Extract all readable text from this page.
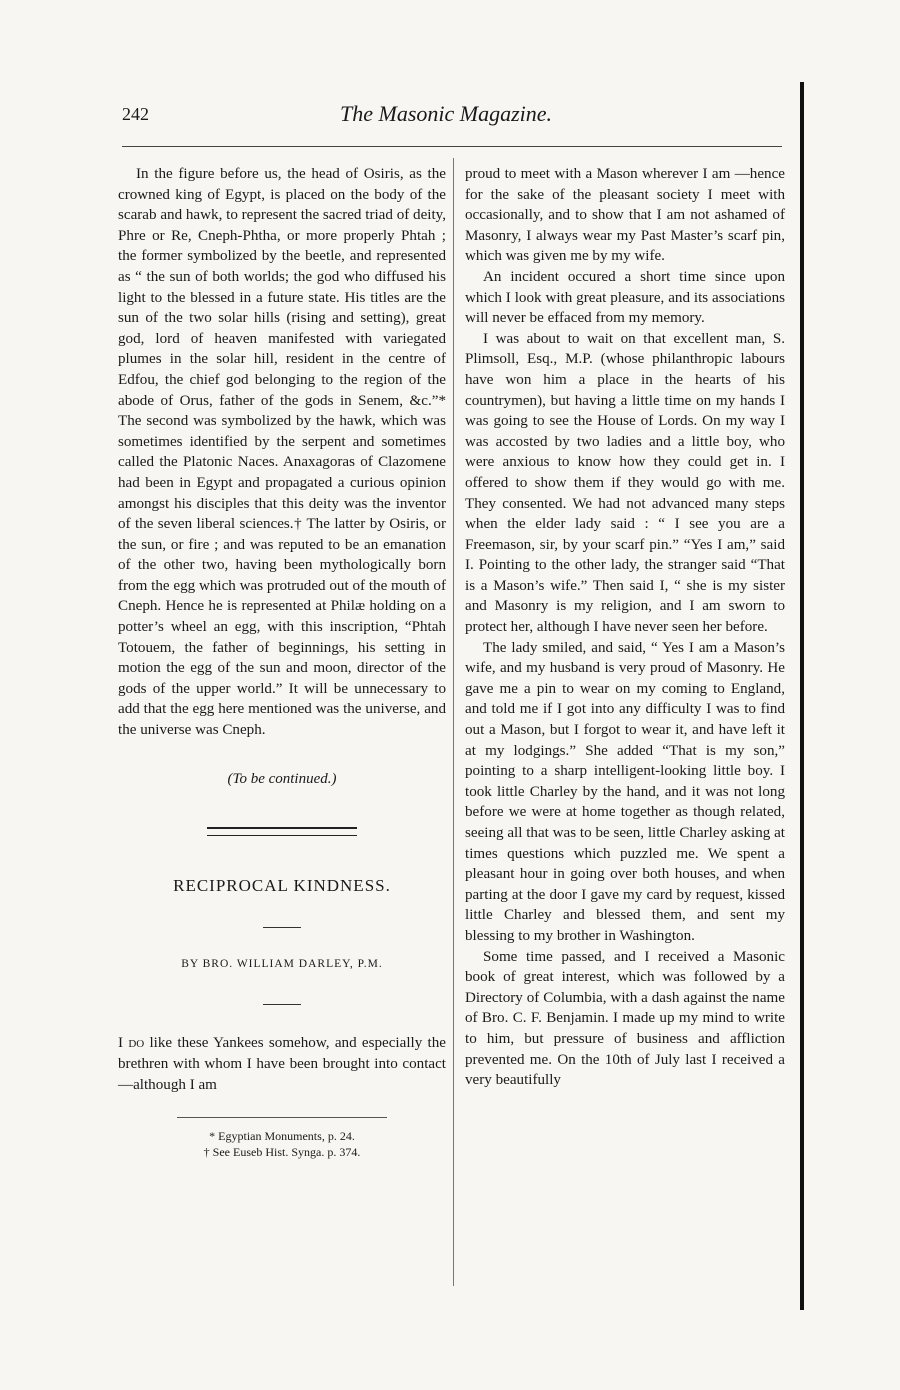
242	The Masonic Magazine.

In the figure before us, the head of Osiris, as the crowned king of Egypt, is placed on the body of the scarab and hawk, to represent the sacred triad of deity, Phre or Re, Cneph-Phtha, or more properly Phtah ; the former symbolized by the beetle, and represented as “ the sun of both worlds; the god who diffused his light to the blessed in a future state. His titles are the sun of the two solar hills (rising and setting), great god, lord of heaven manifested with variegated plumes in the solar hill, resident in the centre of Edfou, the chief god belonging to the region of the abode of Orus, father of the gods in Senem, &c.”* The second was symbolized by the hawk, which was sometimes identified by the serpent and sometimes called the Platonic Naces. Anaxagoras of Clazomene had been in Egypt and propagated a curious opinion amongst his disciples that this deity was the inventor of the seven liberal sciences.† The latter by Osiris, or the sun, or fire ; and was reputed to be an emanation of the other two, having been mythologically born from the egg which was protruded out of the mouth of Cneph. Hence he is represented at Philæ holding on a potter’s wheel an egg, with this inscription, “Phtah Totouem, the father of beginnings, his setting in motion the egg of the sun and moon, director of the gods of the upper world.” It will be unnecessary to add that the egg here mentioned was the universe, and the universe was Cneph.

(To be continued.)
RECIPROCAL KINDNESS.
BY BRO. WILLIAM DARLEY, P.M.

I do like these Yankees somehow, and especially the brethren with whom I have been brought into contact—although I am

* Egyptian Monuments, p. 24.
† See Euseb Hist. Synga. p. 374.

proud to meet with a Mason wherever I am —hence for the sake of the pleasant society I meet with occasionally, and to show that I am not ashamed of Masonry, I always wear my Past Master’s scarf pin, which was given me by my wife.

An incident occured a short time since upon which I look with great pleasure, and its associations will never be effaced from my memory.

I was about to wait on that excellent man, S. Plimsoll, Esq., M.P. (whose philanthropic labours have won him a place in the hearts of his countrymen), but having a little time on my hands I was going to see the House of Lords. On my way I was accosted by two ladies and a little boy, who were anxious to know how they could get in. I offered to show them if they would go with me. They consented. We had not advanced many steps when the elder lady said : “ I see you are a Freemason, sir, by your scarf pin.” “Yes I am,” said I. Pointing to the other lady, the stranger said “That is a Mason’s wife.” Then said I, “ she is my sister and Masonry is my religion, and I am sworn to protect her, although I have never seen her before.

The lady smiled, and said, “ Yes I am a Mason’s wife, and my husband is very proud of Masonry. He gave me a pin to wear on my coming to England, and told me if I got into any difficulty I was to find out a Mason, but I forgot to wear it, and have left it at my lodgings.” She added “That is my son,” pointing to a sharp intelligent-looking little boy. I took little Charley by the hand, and it was not long before we were at home together as though related, seeing all that was to be seen, little Charley asking at times questions which puzzled me. We spent a pleasant hour in going over both houses, and when parting at the door I gave my card by request, kissed little Charley and blessed them, and sent my blessing to my brother in Washington.

Some time passed, and I received a Masonic book of great interest, which was followed by a Directory of Columbia, with a dash against the name of Bro. C. F. Benjamin. I made up my mind to write to him, but pressure of business and affliction prevented me. On the 10th of July last I received a very beautifully
